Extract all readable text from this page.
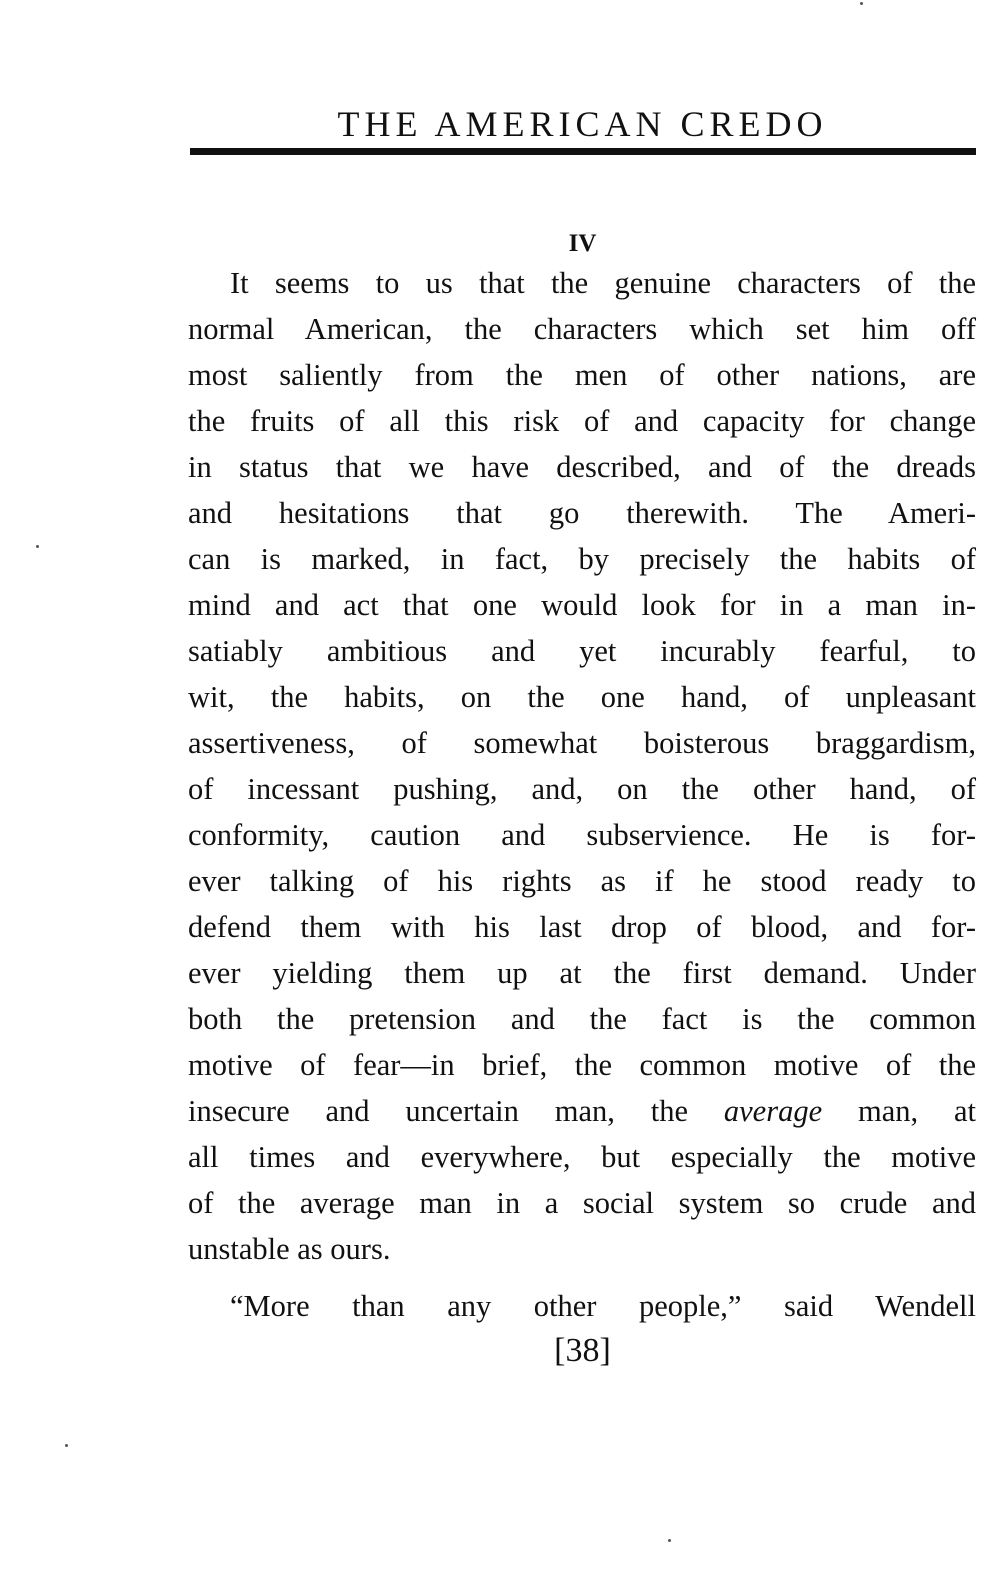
THE AMERICAN CREDO
IV
It seems to us that the genuine characters of the
normal American, the characters which set him off
most saliently from the men of other nations, are
the fruits of all this risk of and capacity for change
in status that we have described, and of the dreads
and hesitations that go therewith. The Ameri-
can is marked, in fact, by precisely the habits of
mind and act that one would look for in a man in-
satiably ambitious and yet incurably fearful, to
wit, the habits, on the one hand, of unpleasant
assertiveness, of somewhat boisterous braggardism,
of incessant pushing, and, on the other hand, of
conformity, caution and subservience. He is for-
ever talking of his rights as if he stood ready to
defend them with his last drop of blood, and for-
ever yielding them up at the first demand. Under
both the pretension and the fact is the common
motive of fear—in brief, the common motive of the
insecure and uncertain man, the average man, at
all times and everywhere, but especially the motive
of the average man in a social system so crude and
unstable as ours.
“More than any other people,” said Wendell
[38]
